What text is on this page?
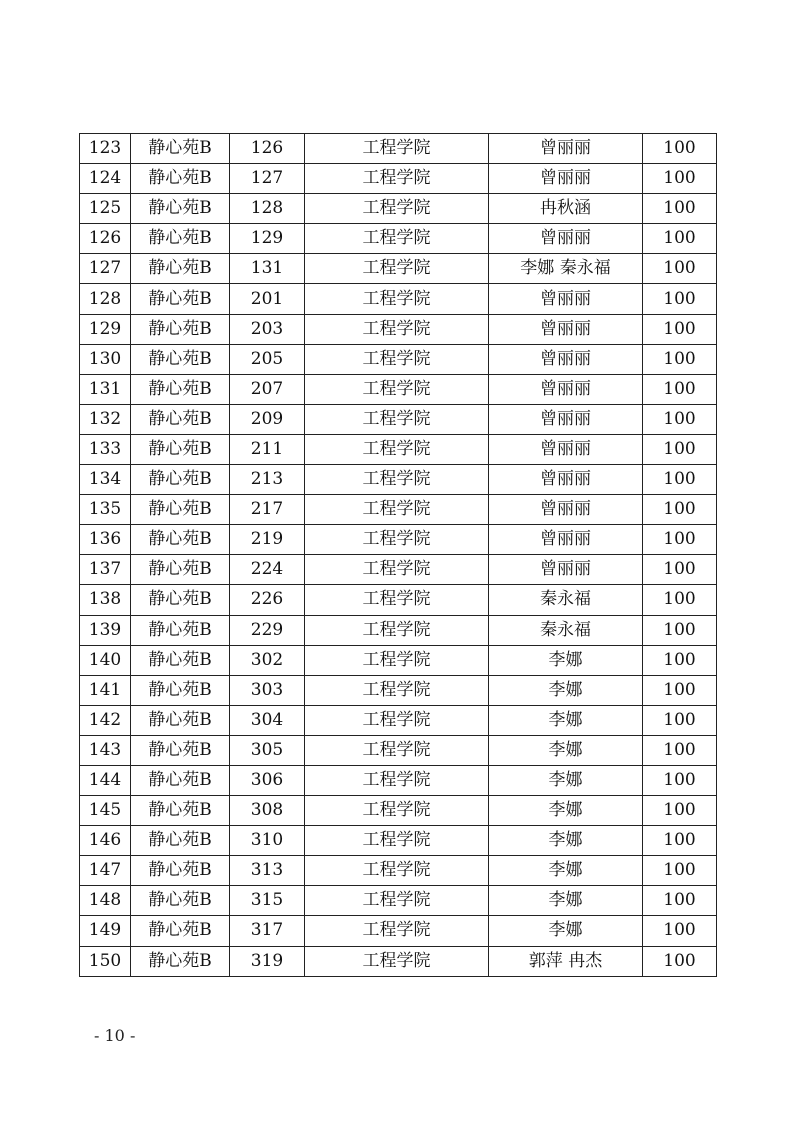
123	静心苑B	126	工程学院	曾丽丽	100
124	静心苑B	127	工程学院	曾丽丽	100
125	静心苑B	128	工程学院	冉秋涵	100
126	静心苑B	129	工程学院	曾丽丽	100
127	静心苑B	131	工程学院	李娜 秦永福	100
128	静心苑B	201	工程学院	曾丽丽	100
129	静心苑B	203	工程学院	曾丽丽	100
130	静心苑B	205	工程学院	曾丽丽	100
131	静心苑B	207	工程学院	曾丽丽	100
132	静心苑B	209	工程学院	曾丽丽	100
133	静心苑B	211	工程学院	曾丽丽	100
134	静心苑B	213	工程学院	曾丽丽	100
135	静心苑B	217	工程学院	曾丽丽	100
136	静心苑B	219	工程学院	曾丽丽	100
137	静心苑B	224	工程学院	曾丽丽	100
138	静心苑B	226	工程学院	秦永福	100
139	静心苑B	229	工程学院	秦永福	100
140	静心苑B	302	工程学院	李娜	100
141	静心苑B	303	工程学院	李娜	100
142	静心苑B	304	工程学院	李娜	100
143	静心苑B	305	工程学院	李娜	100
144	静心苑B	306	工程学院	李娜	100
145	静心苑B	308	工程学院	李娜	100
146	静心苑B	310	工程学院	李娜	100
147	静心苑B	313	工程学院	李娜	100
148	静心苑B	315	工程学院	李娜	100
149	静心苑B	317	工程学院	李娜	100
150	静心苑B	319	工程学院	郭萍 冉杰	100
- 10 -
